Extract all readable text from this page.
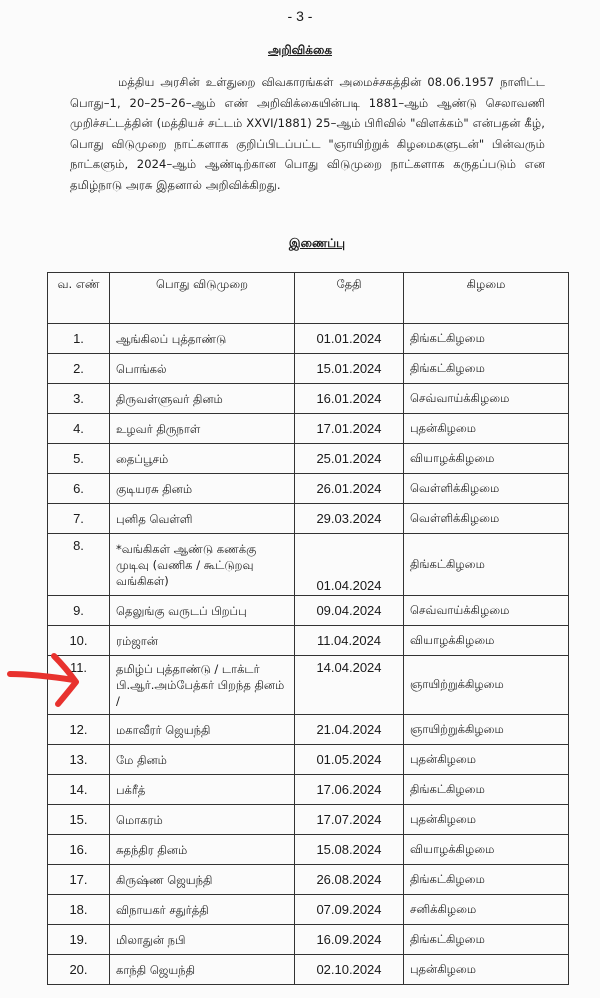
- 3 -
அறிவிக்கை
மத்திய அரசின் உள்துறை விவகாரங்கள் அமைச்சகத்தின் 08.06.1957 நாளிட்ட பொது–1, 20–25–26–ஆம் எண் அறிவிக்கையின்படி 1881–ஆம் ஆண்டு செலாவணி முறிச்சட்டத்தின் (மத்தியச் சட்டம் XXVI/1881) 25–ஆம் பிரிவில் "விளக்கம்" என்பதன் கீழ், பொது விடுமுறை நாட்களாக குறிப்பிடப்பட்ட "ஞாயிற்றுக் கிழமைகளுடன்" பின்வரும் நாட்களும், 2024–ஆம் ஆண்டிற்கான பொது விடுமுறை நாட்களாக கருதப்படும் என தமிழ்நாடு அரசு இதனால் அறிவிக்கிறது.
இணைப்பு
வ. எண்	பொது விடுமுறை	தேதி	கிழமை
1.	ஆங்கிலப் புத்தாண்டு	01.01.2024	திங்கட்கிழமை
2.	பொங்கல்	15.01.2024	திங்கட்கிழமை
3.	திருவள்ளுவர் தினம்	16.01.2024	செவ்வாய்க்கிழமை
4.	உழவர் திருநாள்	17.01.2024	புதன்கிழமை
5.	தைப்பூசம்	25.01.2024	வியாழக்கிழமை
6.	குடியரசு தினம்	26.01.2024	வெள்ளிக்கிழமை
7.	புனித வெள்ளி	29.03.2024	வெள்ளிக்கிழமை
8.	*வங்கிகள் ஆண்டு கணக்கு முடிவு (வணிக / கூட்டுறவு வங்கிகள்)	01.04.2024	திங்கட்கிழமை
9.	தெலுங்கு வருடப் பிறப்பு	09.04.2024	செவ்வாய்க்கிழமை
10.	ரம்ஜான்	11.04.2024	வியாழக்கிழமை
11.	தமிழ்ப் புத்தாண்டு / டாக்டர் பி.ஆர்.அம்பேத்கர் பிறந்த தினம் /	14.04.2024	ஞாயிற்றுக்கிழமை
12.	மகாவீரர் ஜெயந்தி	21.04.2024	ஞாயிற்றுக்கிழமை
13.	மே தினம்	01.05.2024	புதன்கிழமை
14.	பக்ரீத்	17.06.2024	திங்கட்கிழமை
15.	மொகரம்	17.07.2024	புதன்கிழமை
16.	சுதந்திர தினம்	15.08.2024	வியாழக்கிழமை
17.	கிருஷ்ண ஜெயந்தி	26.08.2024	திங்கட்கிழமை
18.	விநாயகர் சதுர்த்தி	07.09.2024	சனிக்கிழமை
19.	மிலாதுன் நபி	16.09.2024	திங்கட்கிழமை
20.	காந்தி ஜெயந்தி	02.10.2024	புதன்கிழமை
